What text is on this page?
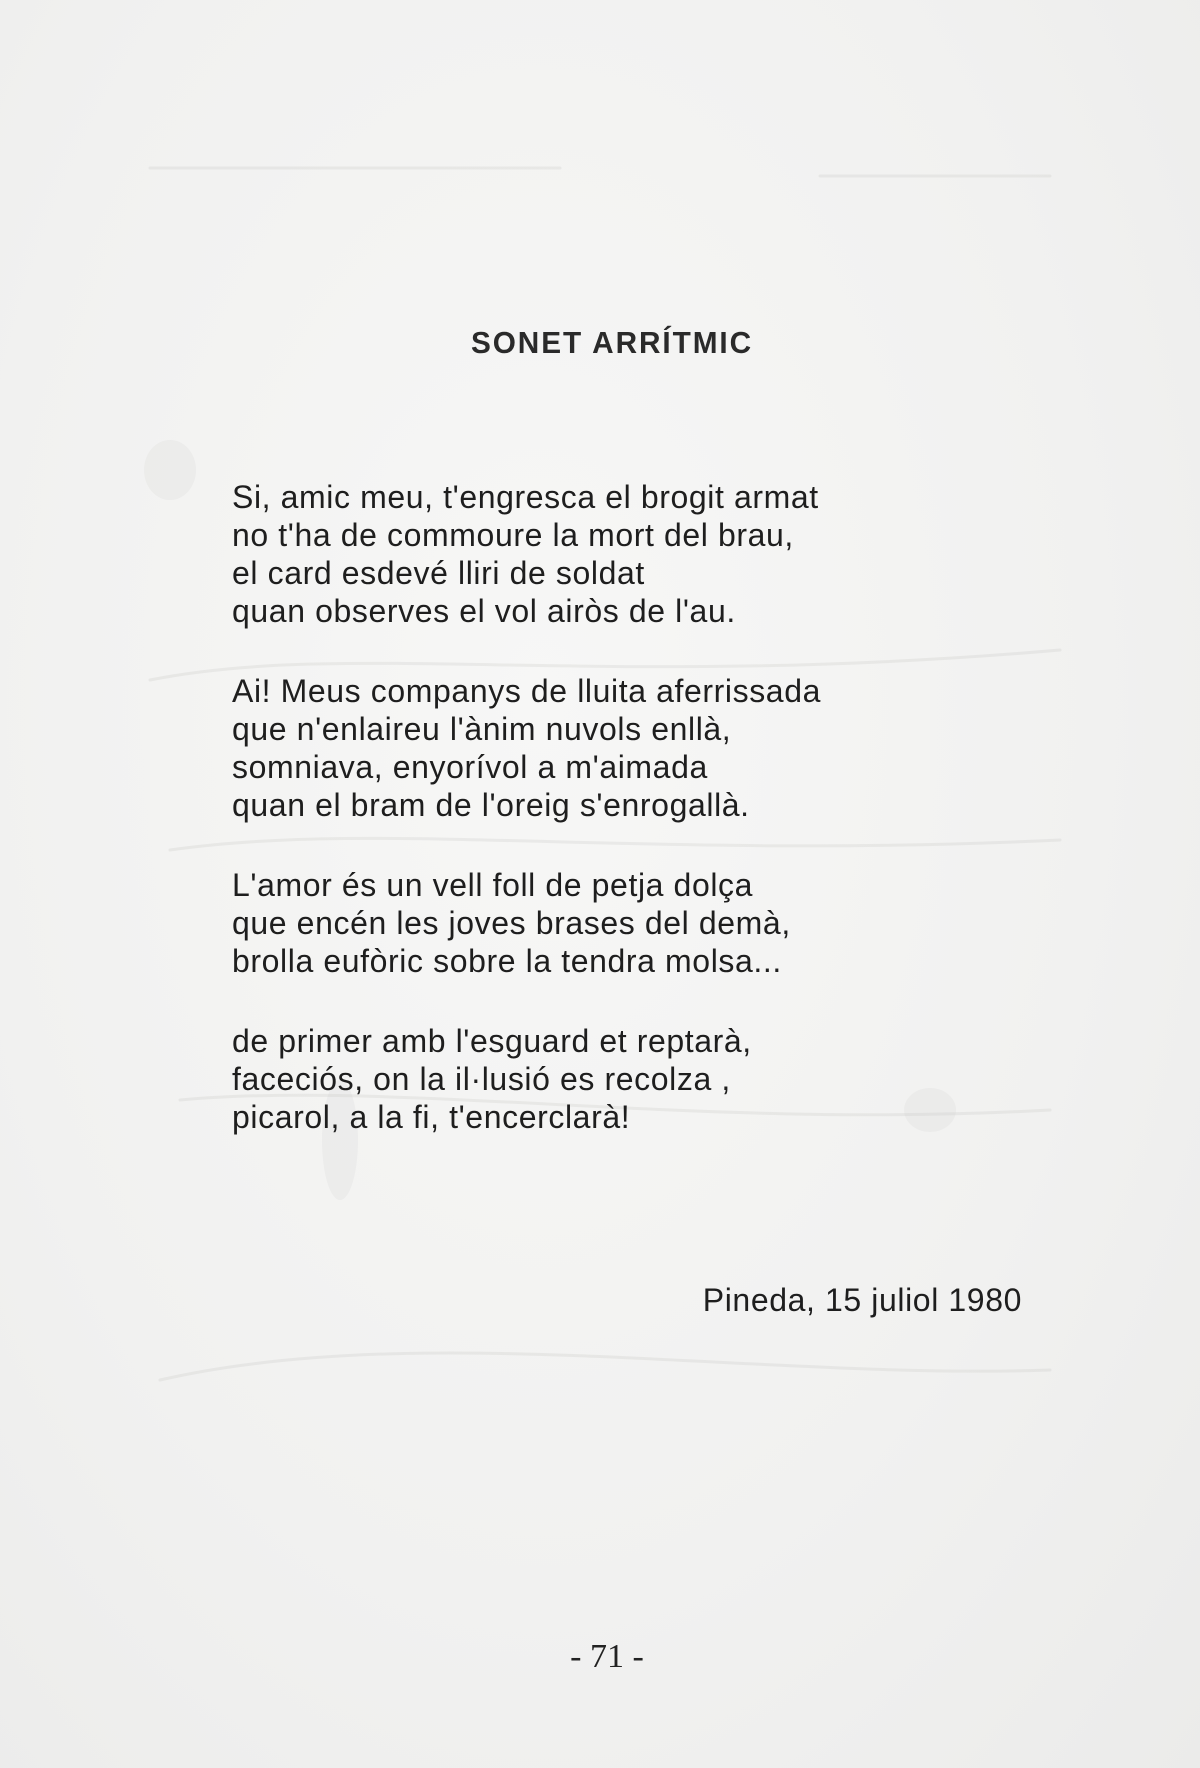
SONET ARRÍTMIC
Si, amic meu, t'engresca el brogit armat
no t'ha de commoure la mort del brau,
el card esdevé lliri de soldat
quan observes el vol airòs de l'au.
Ai! Meus companys de lluita aferrissada
que n'enlaireu l'ànim nuvols enllà,
somniava, enyorívol a m'aimada
quan el bram de l'oreig s'enrogallà.
L'amor és un vell foll de petja dolça
que encén les joves brases del demà,
brolla eufòric sobre la tendra molsa...
de primer amb l'esguard et reptarà,
faceciós, on la il·lusió es recolza ,
picarol, a la fi, t'encerclarà!
Pineda, 15 juliol 1980
- 71 -
